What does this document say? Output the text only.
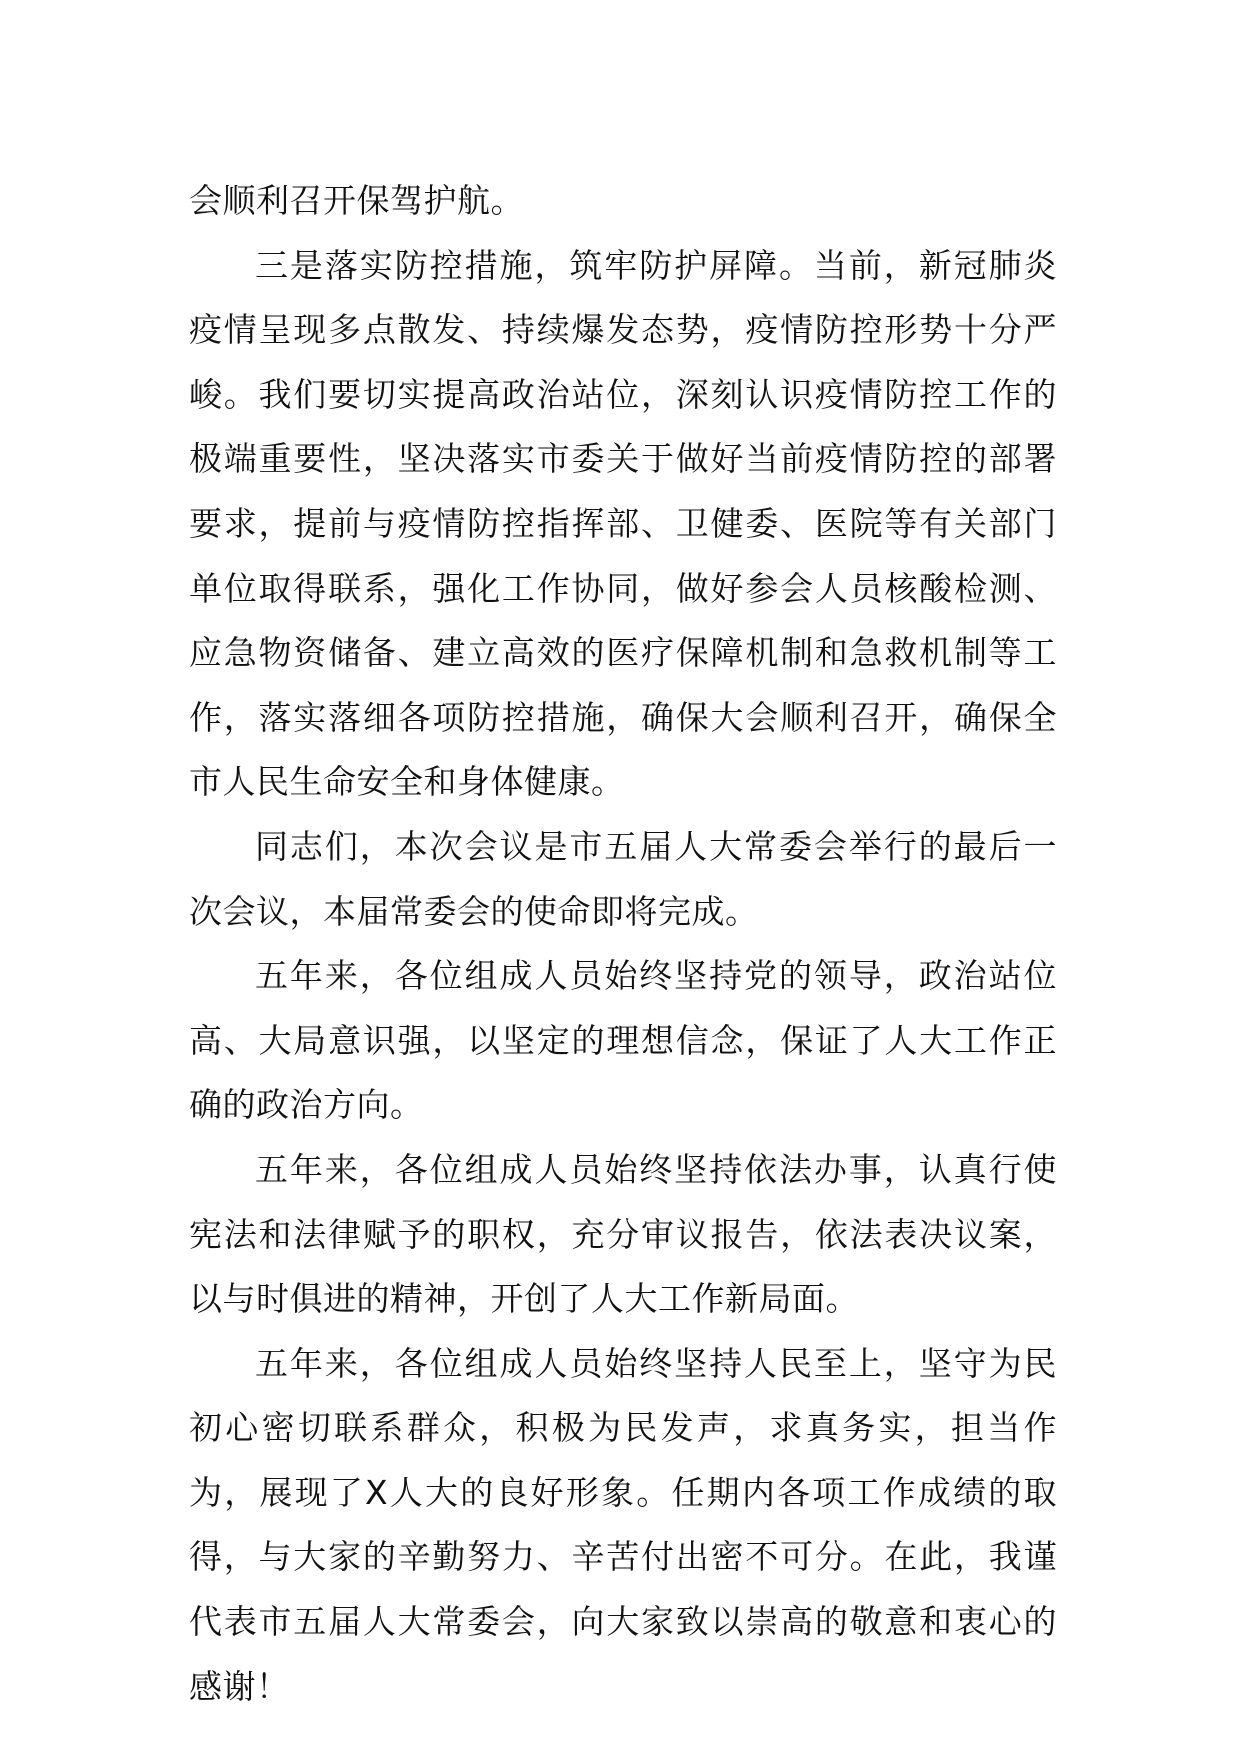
会顺利召开保驾护航。

三是落实防控措施，筑牢防护屏障。当前，新冠肺炎疫情呈现多点散发、持续爆发态势，疫情防控形势十分严峻。我们要切实提高政治站位，深刻认识疫情防控工作的极端重要性，坚决落实市委关于做好当前疫情防控的部署要求，提前与疫情防控指挥部、卫健委、医院等有关部门单位取得联系，强化工作协同，做好参会人员核酸检测、应急物资储备、建立高效的医疗保障机制和急救机制等工作，落实落细各项防控措施，确保大会顺利召开，确保全市人民生命安全和身体健康。

同志们，本次会议是市五届人大常委会举行的最后一次会议，本届常委会的使命即将完成。

五年来，各位组成人员始终坚持党的领导，政治站位高、大局意识强，以坚定的理想信念，保证了人大工作正确的政治方向。

五年来，各位组成人员始终坚持依法办事，认真行使宪法和法律赋予的职权，充分审议报告，依法表决议案，以与时俱进的精神，开创了人大工作新局面。

五年来，各位组成人员始终坚持人民至上，坚守为民初心密切联系群众，积极为民发声，求真务实，担当作为，展现了X人大的良好形象。任期内各项工作成绩的取得，与大家的辛勤努力、辛苦付出密不可分。在此，我谨代表市五届人大常委会，向大家致以崇高的敬意和衷心的感谢！
